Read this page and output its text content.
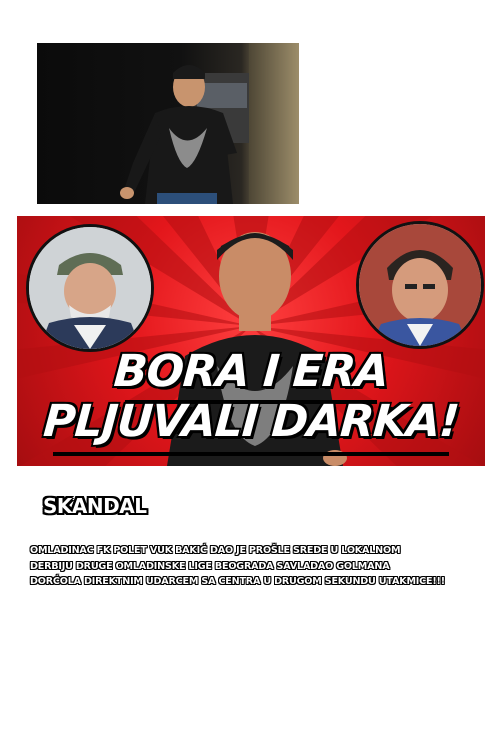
BORA I ERA
PLJUVALI DARKA!
SKANDAL
OMLADINAC FK POLET VUK BAKIĆ DAO JE PROŠLE SREDE U LOKALNOM
DERBIJU DRUGE OMLADINSKE LIGE BEOGRADA SAVLADAO GOLMANA
DORĆOLA DIREKTNIM UDARCEM SA CENTRA U DRUGOM SEKUNDU UTAKMICE!!!
